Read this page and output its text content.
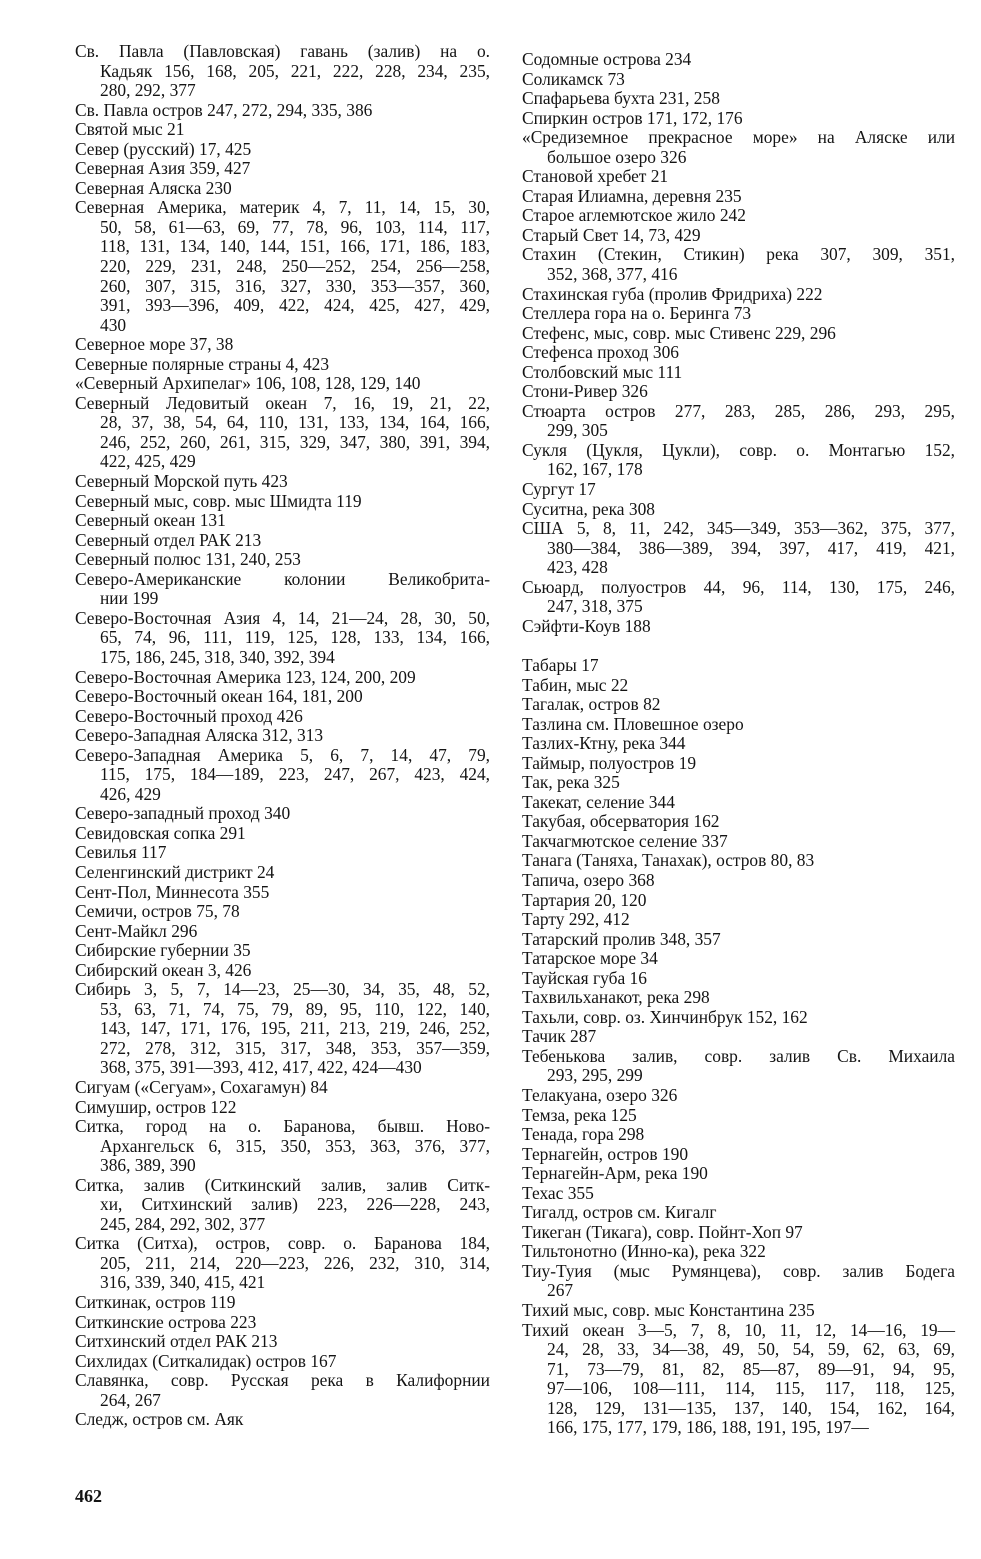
Св. Павла (Павловская) гавань (залив) на о.
Кадьяк 156, 168, 205, 221, 222, 228, 234, 235,
280, 292, 377
Св. Павла остров 247, 272, 294, 335, 386
Святой мыс 21
Север (русский) 17, 425
Северная Азия 359, 427
Северная Аляска 230
Северная Америка, материк 4, 7, 11, 14, 15, 30,
50, 58, 61—63, 69, 77, 78, 96, 103, 114, 117,
118, 131, 134, 140, 144, 151, 166, 171, 186, 183,
220, 229, 231, 248, 250—252, 254, 256—258,
260, 307, 315, 316, 327, 330, 353—357, 360,
391, 393—396, 409, 422, 424, 425, 427, 429,
430
Северное море 37, 38
Северные полярные страны 4, 423
«Северный Архипелаг» 106, 108, 128, 129, 140
Северный Ледовитый океан 7, 16, 19, 21, 22,
28, 37, 38, 54, 64, 110, 131, 133, 134, 164, 166,
246, 252, 260, 261, 315, 329, 347, 380, 391, 394,
422, 425, 429
Северный Морской путь 423
Северный мыс, совр. мыс Шмидта 119
Северный океан 131
Северный отдел РАК 213
Северный полюс 131, 240, 253
Северо-Американские колонии Великобрита-
нии 199
Северо-Восточная Азия 4, 14, 21—24, 28, 30, 50,
65, 74, 96, 111, 119, 125, 128, 133, 134, 166,
175, 186, 245, 318, 340, 392, 394
Северо-Восточная Америка 123, 124, 200, 209
Северо-Восточный океан 164, 181, 200
Северо-Восточный проход 426
Северо-Западная Аляска 312, 313
Северо-Западная Америка 5, 6, 7, 14, 47, 79,
115, 175, 184—189, 223, 247, 267, 423, 424,
426, 429
Северо-западный проход 340
Севидовская сопка 291
Севилья 117
Селенгинский дистрикт 24
Сент-Пол, Миннесота 355
Семичи, остров 75, 78
Сент-Майкл 296
Сибирские губернии 35
Сибирский океан 3, 426
Сибирь 3, 5, 7, 14—23, 25—30, 34, 35, 48, 52,
53, 63, 71, 74, 75, 79, 89, 95, 110, 122, 140,
143, 147, 171, 176, 195, 211, 213, 219, 246, 252,
272, 278, 312, 315, 317, 348, 353, 357—359,
368, 375, 391—393, 412, 417, 422, 424—430
Сигуам («Сегуам», Сохагамун) 84
Симушир, остров 122
Ситка, город на о. Баранова, бывш. Ново-
Архангельск 6, 315, 350, 353, 363, 376, 377,
386, 389, 390
Ситка, залив (Ситкинский залив, залив Ситк-
хи, Ситхинский залив) 223, 226—228, 243,
245, 284, 292, 302, 377
Ситка (Ситха), остров, совр. о. Баранова 184,
205, 211, 214, 220—223, 226, 232, 310, 314,
316, 339, 340, 415, 421
Ситкинак, остров 119
Ситкинские острова 223
Ситхинский отдел РАК 213
Сихлидах (Ситкалидак) остров 167
Славянка, совр. Русская река в Калифорнии
264, 267
Следж, остров см. Аяк
Содомные острова 234
Соликамск 73
Спафарьева бухта 231, 258
Спиркин остров 171, 172, 176
«Средиземное прекрасное море» на Аляске или
большое озеро 326
Становой хребет 21
Старая Илиамна, деревня 235
Старое аглемютское жило 242
Старый Свет 14, 73, 429
Стахин (Стекин, Стикин) река 307, 309, 351,
352, 368, 377, 416
Стахинская губа (пролив Фридриха) 222
Стеллера гора на о. Беринга 73
Стефенс, мыс, совр. мыс Стивенс 229, 296
Стефенса проход 306
Столбовский мыс 111
Стони-Ривер 326
Стюарта остров 277, 283, 285, 286, 293, 295,
299, 305
Сукля (Цукля, Цукли), совр. о. Монтагью 152,
162, 167, 178
Сургут 17
Суситна, река 308
США 5, 8, 11, 242, 345—349, 353—362, 375, 377,
380—384, 386—389, 394, 397, 417, 419, 421,
423, 428
Сьюард, полуостров 44, 96, 114, 130, 175, 246,
247, 318, 375
Сэйфти-Коув 188
Табары 17
Табин, мыс 22
Тагалак, остров 82
Тазлина см. Пловешное озеро
Тазлих-Ктну, река 344
Таймыр, полуостров 19
Так, река 325
Такекат, селение 344
Такубая, обсерватория 162
Такчагмютское селение 337
Танага (Таняха, Танахак), остров 80, 83
Тапича, озеро 368
Тартария 20, 120
Тарту 292, 412
Татарский пролив 348, 357
Татарское море 34
Тауйская губа 16
Тахвильханакот, река 298
Тахьли, совр. оз. Хинчинбрук 152, 162
Тачик 287
Тебенькова залив, совр. залив Св. Михаила
293, 295, 299
Телакуана, озеро 326
Темза, река 125
Тенада, гора 298
Тернагейн, остров 190
Тернагейн-Арм, река 190
Техас 355
Тигалд, остров см. Кигалг
Тикеган (Тикага), совр. Пойнт-Хоп 97
Тильтонотно (Инно-ка), река 322
Тиу-Туия (мыс Румянцева), совр. залив Бодега
267
Тихий мыс, совр. мыс Константина 235
Тихий океан 3—5, 7, 8, 10, 11, 12, 14—16, 19—
24, 28, 33, 34—38, 49, 50, 54, 59, 62, 63, 69,
71, 73—79, 81, 82, 85—87, 89—91, 94, 95,
97—106, 108—111, 114, 115, 117, 118, 125,
128, 129, 131—135, 137, 140, 154, 162, 164,
166, 175, 177, 179, 186, 188, 191, 195, 197—
462
